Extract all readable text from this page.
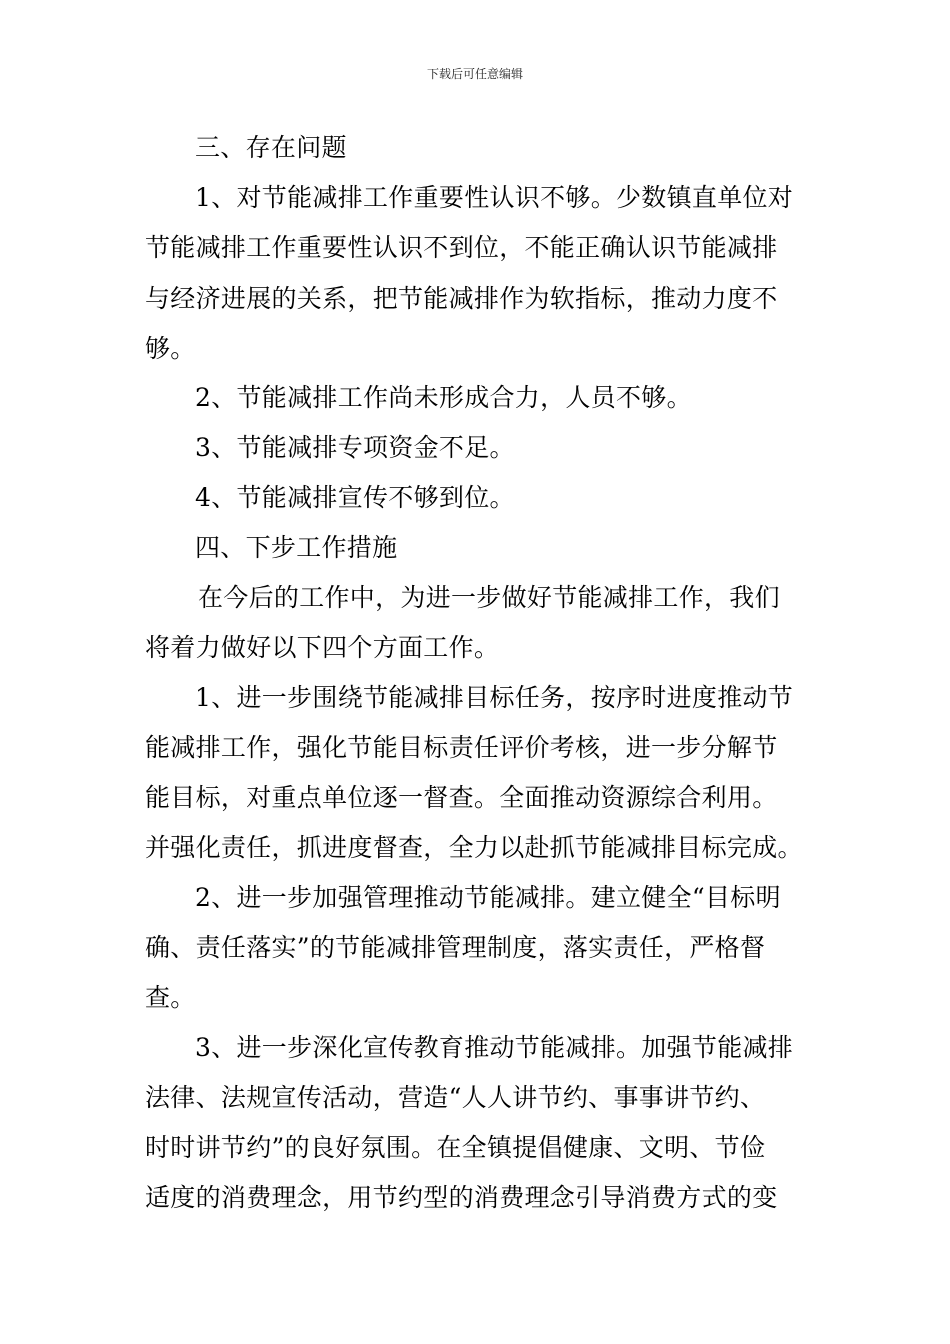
下载后可任意编辑
三、存在问题
1、对节能减排工作重要性认识不够。少数镇直单位对
节能减排工作重要性认识不到位，不能正确认识节能减排
与经济进展的关系，把节能减排作为软指标，推动力度不
够。
2、节能减排工作尚未形成合力，人员不够。
3、节能减排专项资金不足。
4、节能减排宣传不够到位。
四、下步工作措施
在今后的工作中，为进一步做好节能减排工作，我们
将着力做好以下四个方面工作。
1、进一步围绕节能减排目标任务，按序时进度推动节
能减排工作，强化节能目标责任评价考核，进一步分解节
能目标，对重点单位逐一督查。全面推动资源综合利用。
并强化责任，抓进度督查，全力以赴抓节能减排目标完成。
2、进一步加强管理推动节能减排。建立健全“目标明
确、责任落实”的节能减排管理制度，落实责任，严格督
查。
3、进一步深化宣传教育推动节能减排。加强节能减排
法律、法规宣传活动，营造“人人讲节约、事事讲节约、
时时讲节约”的良好氛围。在全镇提倡健康、文明、节俭
适度的消费理念，用节约型的消费理念引导消费方式的变
